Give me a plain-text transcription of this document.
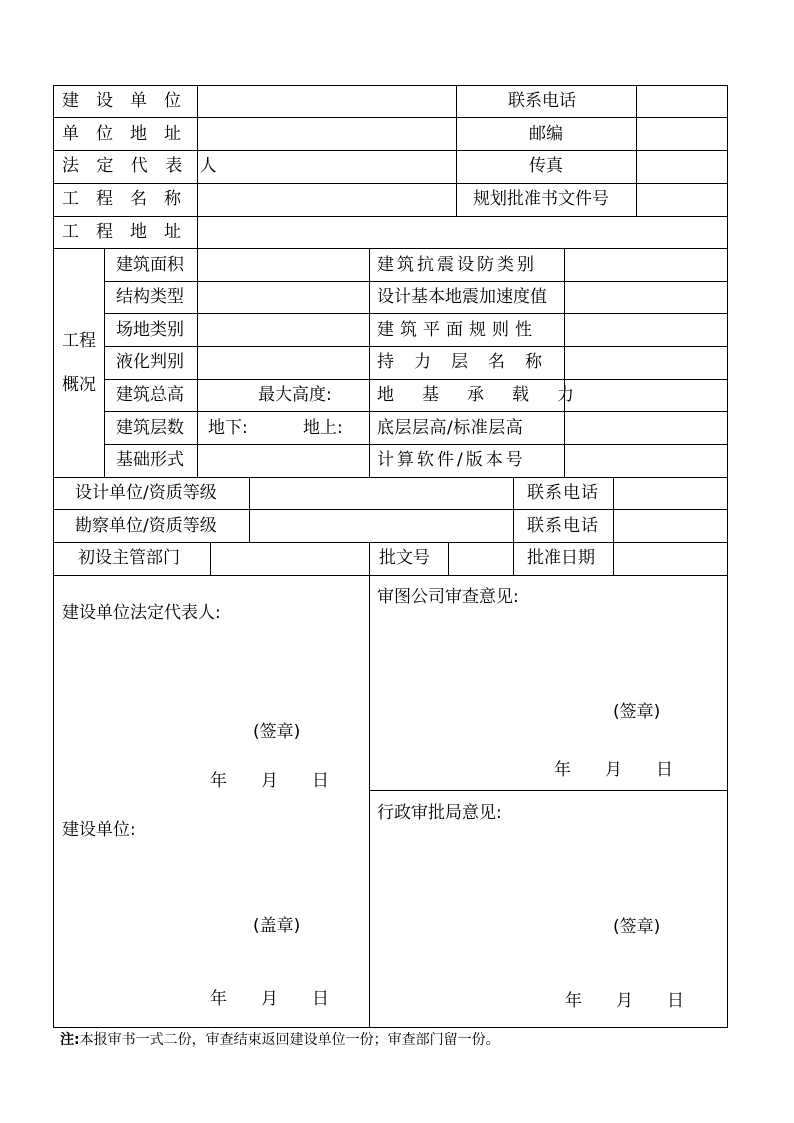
建　设　单　位	联系电话
单　位　地　址	邮编
法 定 代 表 人	传真
工　程　名　称	规划批准书文件号
工　程　地　址
工程
概况
建筑面积	建筑抗震设防类别
结构类型	设计基本地震加速度值
场地类别	建筑平面规则性
液化判别	持力层名称
建筑总高	最大高度:	地基承载力
建筑层数 地下:	地上: 底层层高/标准层高
基础形式	计算软件/版本号
设计单位/资质等级	联系电话
勘察单位/资质等级	联系电话
初设主管部门	批文号	批准日期
建设单位法定代表人:
(签章)
年　　月　　日
建设单位:
(盖章)
年　　月　　日
审图公司审查意见:
(签章)
年　　月　　日
行政审批局意见:
(签章)
年　　月　　日
注:本报审书一式二份，审查结束返回建设单位一份；审查部门留一份。
